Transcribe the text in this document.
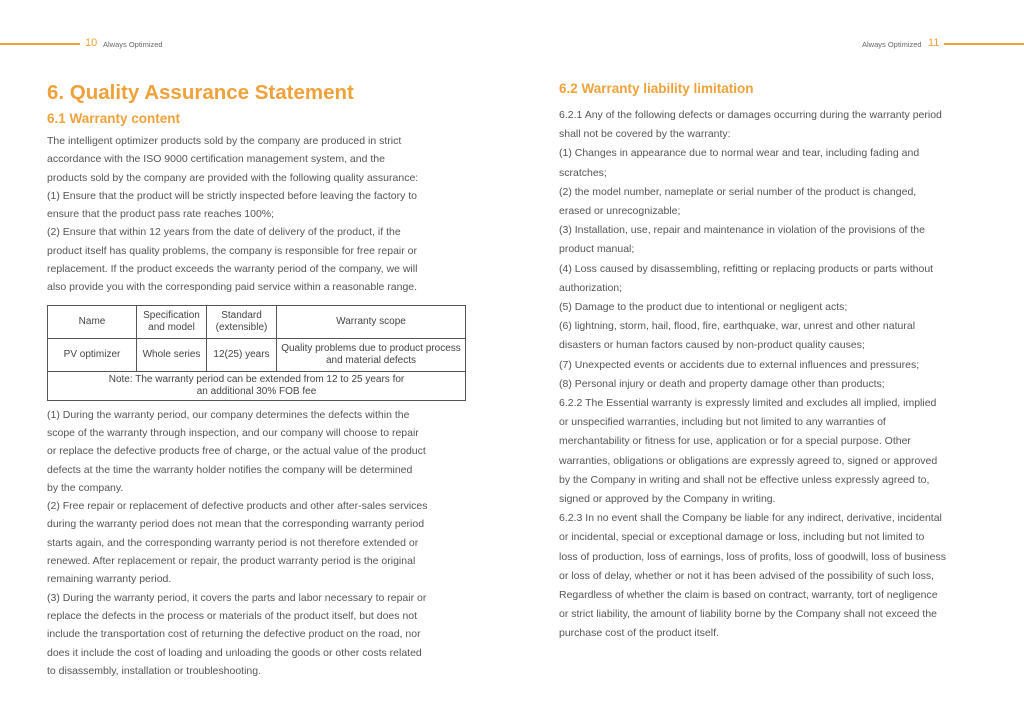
10 Always Optimized	Always Optimized 11
6. Quality Assurance Statement
6.1 Warranty content
The intelligent optimizer products sold by the company are produced in strict
accordance with the ISO 9000 certification management system, and the
products sold by the company are provided with the following quality assurance:
(1) Ensure that the product will be strictly inspected before leaving the factory to
ensure that the product pass rate reaches 100%;
(2) Ensure that within 12 years from the date of delivery of the product, if the
product itself has quality problems, the company is responsible for free repair or
replacement. If the product exceeds the warranty period of the company, we will
also provide you with the corresponding paid service within a reasonable range.
Name	Specification and model	Standard (extensible)	Warranty scope
PV optimizer	Whole series	12(25) years	Quality problems due to product process and material defects
Note: The warranty period can be extended from 12 to 25 years for an additional 30% FOB fee			
(1) During the warranty period, our company determines the defects within the
scope of the warranty through inspection, and our company will choose to repair
or replace the defective products free of charge, or the actual value of the product
defects at the time the warranty holder notifies the company will be determined
by the company.
(2) Free repair or replacement of defective products and other after-sales services
during the warranty period does not mean that the corresponding warranty period
starts again, and the corresponding warranty period is not therefore extended or
renewed. After replacement or repair, the product warranty period is the original
remaining warranty period.
(3) During the warranty period, it covers the parts and labor necessary to repair or
replace the defects in the process or materials of the product itself, but does not
include the transportation cost of returning the defective product on the road, nor
does it include the cost of loading and unloading the goods or other costs related
to disassembly, installation or troubleshooting.
6.2 Warranty liability limitation
6.2.1 Any of the following defects or damages occurring during the warranty period
shall not be covered by the warranty:
(1) Changes in appearance due to normal wear and tear, including fading and
scratches;
(2) the model number, nameplate or serial number of the product is changed,
erased or unrecognizable;
(3) Installation, use, repair and maintenance in violation of the provisions of the
product manual;
(4) Loss caused by disassembling, refitting or replacing products or parts without
authorization;
(5) Damage to the product due to intentional or negligent acts;
(6) lightning, storm, hail, flood, fire, earthquake, war, unrest and other natural
disasters or human factors caused by non-product quality causes;
(7) Unexpected events or accidents due to external influences and pressures;
(8) Personal injury or death and property damage other than products;
6.2.2 The Essential warranty is expressly limited and excludes all implied, implied
or unspecified warranties, including but not limited to any warranties of
merchantability or fitness for use, application or for a special purpose. Other
warranties, obligations or obligations are expressly agreed to, signed or approved
by the Company in writing and shall not be effective unless expressly agreed to,
signed or approved by the Company in writing.
6.2.3 In no event shall the Company be liable for any indirect, derivative, incidental
or incidental, special or exceptional damage or loss, including but not limited to
loss of production, loss of earnings, loss of profits, loss of goodwill, loss of business
or loss of delay, whether or not it has been advised of the possibility of such loss,
Regardless of whether the claim is based on contract, warranty, tort of negligence
or strict liability, the amount of liability borne by the Company shall not exceed the
purchase cost of the product itself.
